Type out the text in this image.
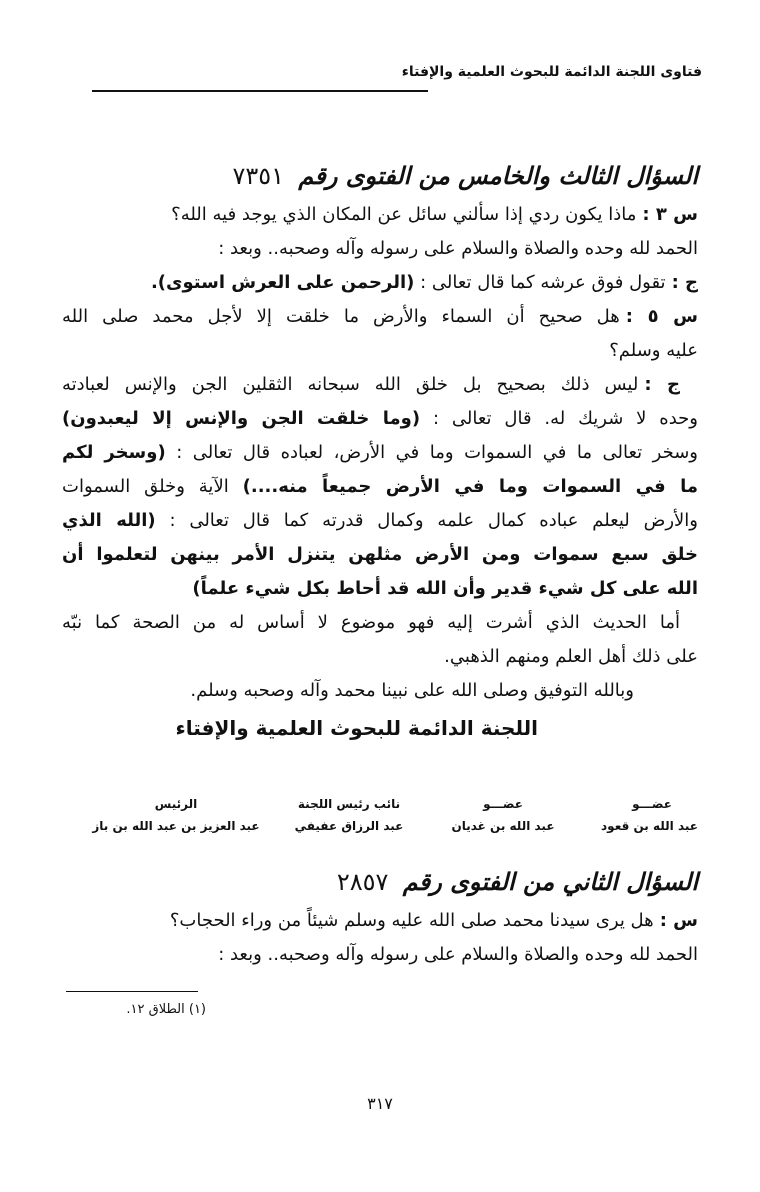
فتاوى اللجنة الدائمة للبحوث العلمية والإفتاء
السؤال الثالث والخامس من الفتوى رقم ٧٣٥١
س ٣ :ماذا يكون ردي إذا سألني سائل عن المكان الذي يوجد فيه الله؟
الحمد لله وحده والصلاة والسلام على رسوله وآله وصحبه.. وبعد :
ج :تقول فوق عرشه كما قال تعالى : (الرحمن على العرش استوى).
س ٥ :هل صحيح أن السماء والأرض ما خلقت إلا لأجل محمد صلى الله
عليه وسلم؟
ج :ليس ذلك بصحيح بل خلق الله سبحانه الثقلين الجن والإنس لعبادته
وحده لا شريك له. قال تعالى : (وما خلقت الجن والإنس إلا ليعبدون)
وسخر تعالى ما في السموات وما في الأرض، لعباده قال تعالى : (وسخر لكم
ما في السموات وما في الأرض جميعاً منه....) الآية وخلق السموات
والأرض ليعلم عباده كمال علمه وكمال قدرته كما قال تعالى : (الله الذي
خلق سبع سموات ومن الأرض مثلهن يتنزل الأمر بينهن لتعلموا أن
الله على كل شيء قدير وأن الله قد أحاط بكل شيء علماً)
أما الحديث الذي أشرت إليه فهو موضوع لا أساس له من الصحة كما نبّه
على ذلك أهل العلم ومنهم الذهبي.
وبالله التوفيق وصلى الله على نبينا محمد وآله وصحبه وسلم.
اللجنة الدائمة للبحوث العلمية والإفتاء
عضـــو
عبد الله بن قعود
عضـــو
عبد الله بن غديان
نائب رئيس اللجنة
عبد الرزاق عفيفي
الرئيس
عبد العزيز بن عبد الله بن باز
السؤال الثاني من الفتوى رقم ٢٨٥٧
س :هل يرى سيدنا محمد صلى الله عليه وسلم شيئاً من وراء الحجاب؟
الحمد لله وحده والصلاة والسلام على رسوله وآله وصحبه.. وبعد :
(١) الطلاق ١٢.
٣١٧
